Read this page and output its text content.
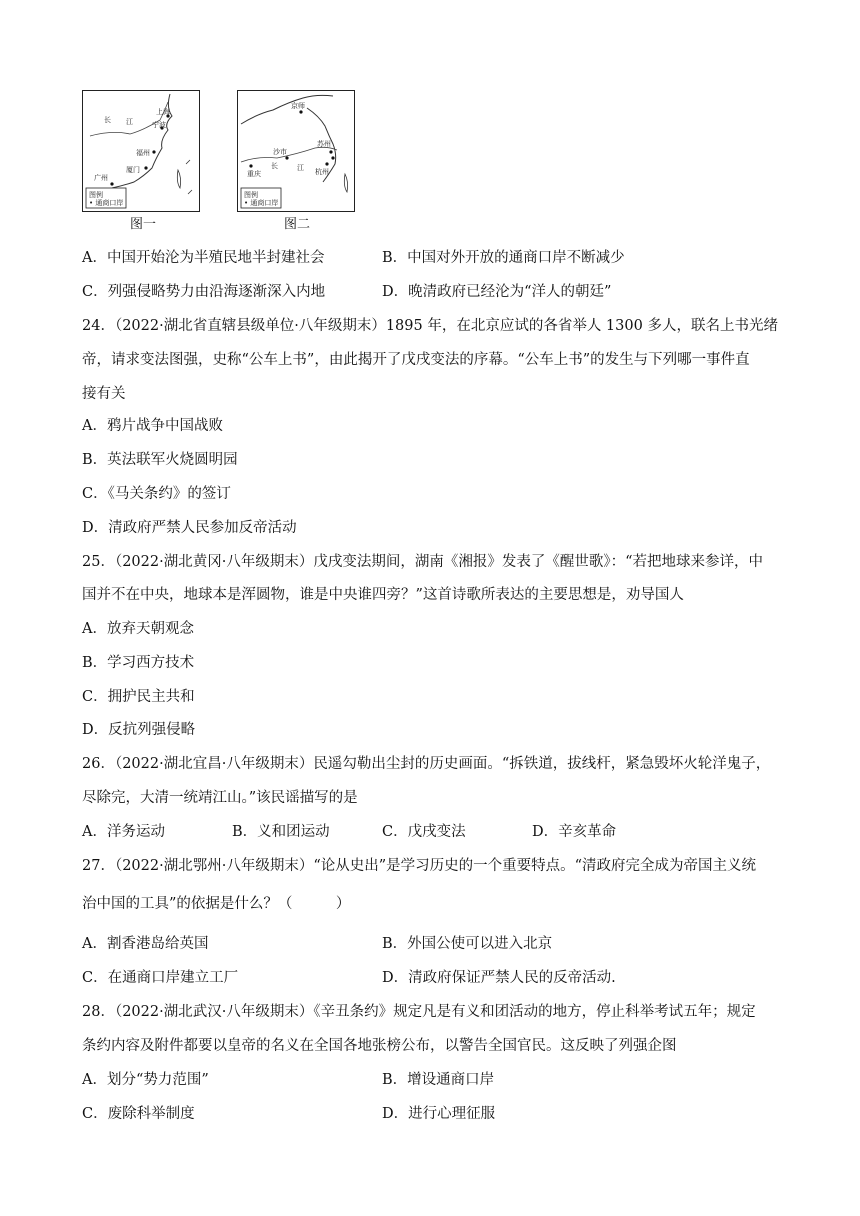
上海
长 江	宁波
福州
厦门
广州
图例
• 通商口岸
图一
京师
苏州
沙市
重庆
长	江 杭州
图例
• 通商口岸
图二
A．中国开始沦为半殖民地半封建社会	B．中国对外开放的通商口岸不断减少
C．列强侵略势力由沿海逐渐深入内地	D．晚清政府已经沦为“洋人的朝廷”
24．（2022·湖北省直辖县级单位·八年级期末）1895 年，在北京应试的各省举人 1300 多人，联名上书光绪
帝，请求变法图强，史称“公车上书”，由此揭开了戊戌变法的序幕。“公车上书”的发生与下列哪一事件直
接有关
A．鸦片战争中国战败
B．英法联军火烧圆明园
C．《马关条约》的签订
D．清政府严禁人民参加反帝活动
25．（2022·湖北黄冈·八年级期末）戊戌变法期间，湖南《湘报》发表了《醒世歌》：“若把地球来参详，中
国并不在中央，地球本是浑圆物，谁是中央谁四旁？”这首诗歌所表达的主要思想是，劝导国人
A．放弃天朝观念
B．学习西方技术
C．拥护民主共和
D．反抗列强侵略
26．（2022·湖北宜昌·八年级期末）民遥勾勒出尘封的历史画面。“拆铁道，拔线杆，紧急毁坏火轮洋鬼子，
尽除完，大清一统靖江山。”该民谣描写的是
A．洋务运动	B．义和团运动	C．戊戌变法	D．辛亥革命
27．（2022·湖北鄂州·八年级期末）“论从史出”是学习历史的一个重要特点。“清政府完全成为帝国主义统
治中国的工具”的依据是什么？（　　　）
A．割香港岛给英国	B．外国公使可以进入北京
C．在通商口岸建立工厂	D．清政府保证严禁人民的反帝活动.
28．（2022·湖北武汉·八年级期末）《辛丑条约》规定凡是有义和团活动的地方，停止科举考试五年；规定
条约内容及附件都要以皇帝的名义在全国各地张榜公布，以警告全国官民。这反映了列强企图
A．划分“势力范围”	B．增设通商口岸
C．废除科举制度	D．进行心理征服
